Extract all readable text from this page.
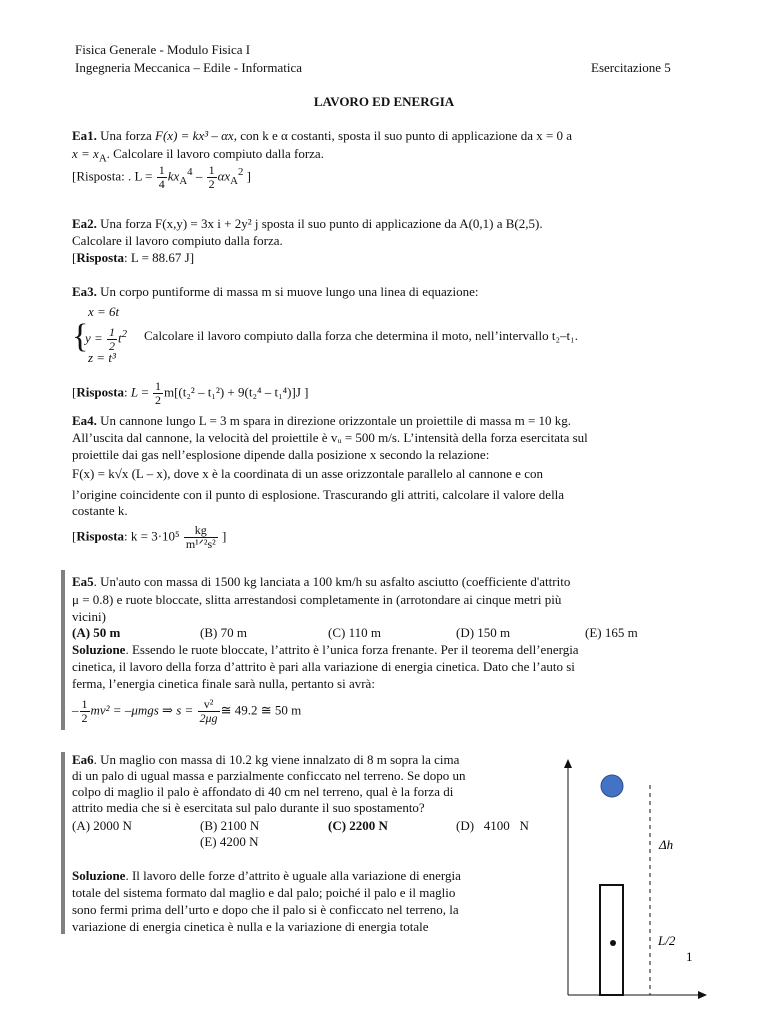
Fisica Generale - Modulo Fisica I
Ingegneria Meccanica – Edile - Informatica	Esercitazione 5
LAVORO ED ENERGIA
Ea1. Una forza F(x) = kx³ – αx, con k e α costanti, sposta il suo punto di applicazione da x = 0 a
$x = x_A$. Calcolare il lavoro compiuto dalla forza.
[Risposta: . $L = \frac{1}{4} kx_A^4 - \frac{1}{2} \alpha x_A^2$ ]
Ea2. Una forza F(x,y) = 3x i + 2y² j sposta il suo punto di applicazione da A(0,1) a B(2,5).
Calcolare il lavoro compiuto dalla forza.
[Risposta: L = 88.67 J]
Ea3. Un corpo puntiforme di massa m si muove lungo una linea di equazione:
{
x = 6t
$y = \frac{1}{2} t^2$
z = t³
Calcolare il lavoro compiuto dalla forza che determina il moto, nell’intervallo t₂–t₁.
[Risposta: $L = \frac{1}{2} m[(t_2^2 - t_1^2) + 9(t_2^4 - t_1^4)]J$ ]
Ea4. Un cannone lungo L = 3 m spara in direzione orizzontale un proiettile di massa m = 10 kg.
All’uscita dal cannone, la velocità del proiettile è vᵤ = 500 m/s. L’intensità della forza esercitata sul
proiettile dai gas nell’esplosione dipende dalla posizione x secondo la relazione:
F(x) = k√x (L – x), dove x è la coordinata di un asse orizzontale parallelo al cannone e con
l’origine coincidente con il punto di esplosione. Trascurando gli attriti, calcolare il valore della
costante k.
[Risposta: $k = 3\cdot 10^5 \frac{kg}{\text{m¹ᐟ²s²}}$ ]
Ea5. Un'auto con massa di 1500 kg lanciata a 100 km/h su asfalto asciutto (coefficiente d'attrito
μ = 0.8) e ruote bloccate, slitta arrestandosi completamente in (arrotondare ai cinque metri più
vicini)
(A) 50 m	(B) 70 m	(C) 110 m	(D) 150 m	(E) 165 m
Soluzione. Essendo le ruote bloccate, l’attrito è l’unica forza frenante. Per il teorema dell’energia
cinetica, il lavoro della forza d’attrito è pari alla variazione di energia cinetica. Dato che l’auto si
ferma, l’energia cinetica finale sarà nulla, pertanto si avrà:
– $\frac{1}{2} mv^2 = -\mu mgs$ ⇒ $s = \frac{\text{v²}}{2\mu g}$ ≅ 49.2 ≅ 50 m
Ea6. Un maglio con massa di 10.2 kg viene innalzato di 8 m sopra la cima
di un palo di ugual massa e parzialmente conficcato nel terreno. Se dopo un
colpo di maglio il palo è affondato di 40 cm nel terreno, qual è la forza di
attrito media che si è esercitata sul palo durante il suo spostamento?
(A) 2000 N	(B) 2100 N	(C) 2200 N	(D)   4100   N
(E) 4200 N
Soluzione. Il lavoro delle forze d’attrito è uguale alla variazione di energia
totale del sistema formato dal maglio e dal palo; poiché il palo e il maglio
sono fermi prima dell’urto e dopo che il palo si è conficcato nel terreno, la
variazione di energia cinetica è nulla e la variazione di energia totale
Δh
L/2
1
